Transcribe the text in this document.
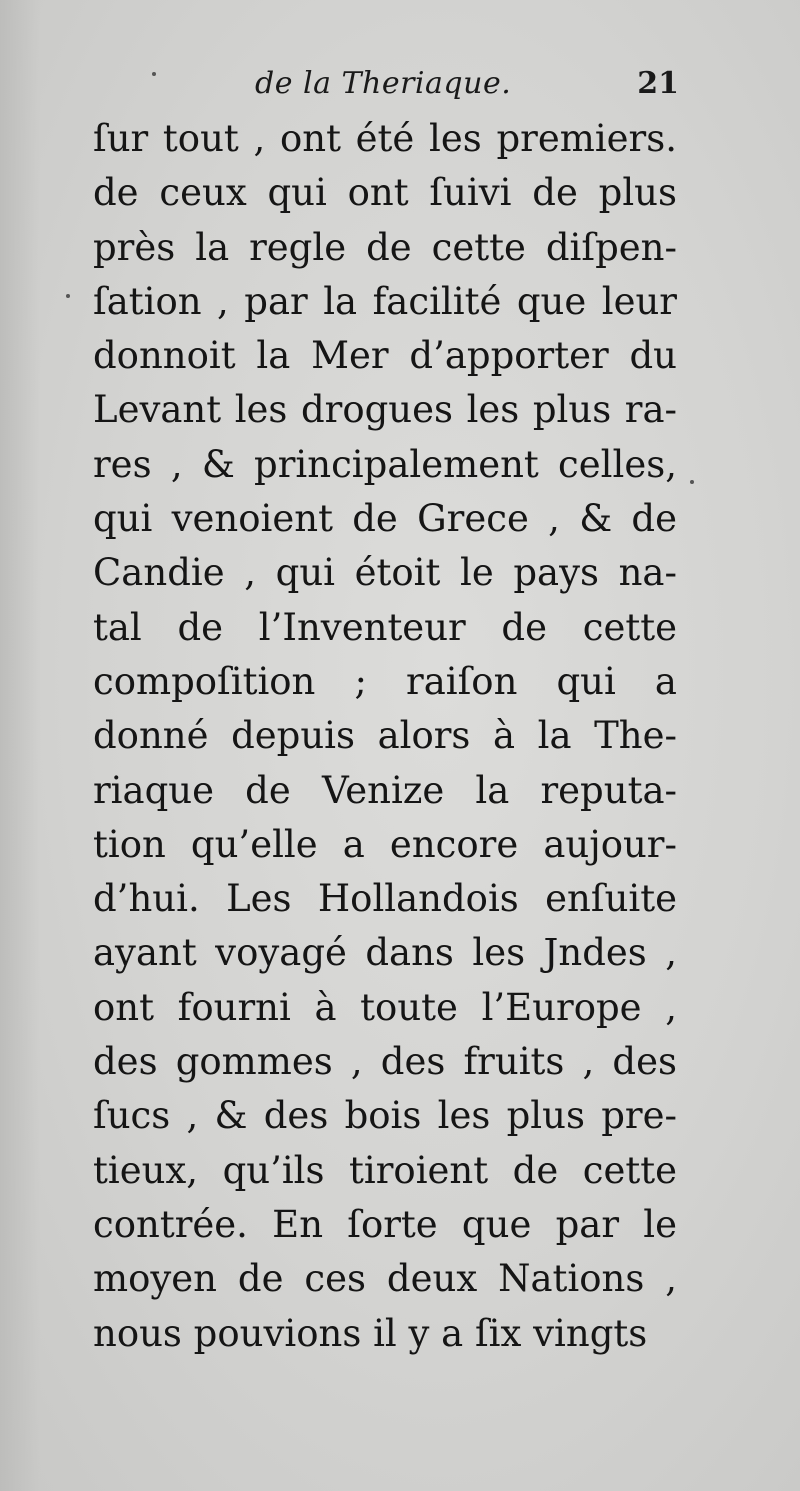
de la Theriaque.	21
ſur tout , ont été les premiers.
de ceux qui ont ſuivi de plus
près la regle de cette diſpen-
ſation , par la facilité que leur
donnoit la Mer d’apporter du
Levant les drogues les plus ra-
res , & principalement celles,
qui venoient de Grece , & de
Candie , qui étoit le pays na-
tal de l’Inventeur de cette
compoſition ; raiſon qui a
donné depuis alors à la The-
riaque de Venize la reputa-
tion qu’elle a encore aujour-
d’hui. Les Hollandois enſuite
ayant voyagé dans les Jndes ,
ont fourni à toute l’Europe ,
des gommes , des fruits , des
ſucs , & des bois les plus pre-
tieux, qu’ils tiroient de cette
contrée. En ſorte que par le
moyen de ces deux Nations ,
nous pouvions il y a ſix vingts
